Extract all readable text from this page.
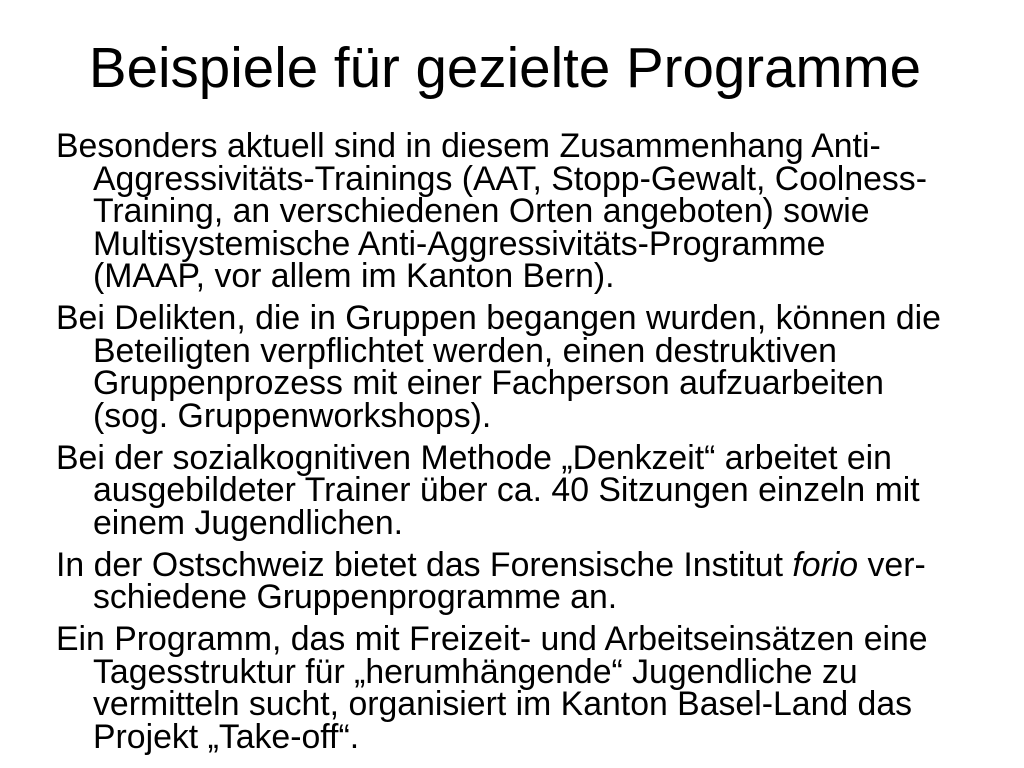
Beispiele für gezielte Programme
Besonders aktuell sind in diesem Zusammenhang Anti-
Aggressivitäts-Trainings (AAT, Stopp-Gewalt, Coolness-
Training, an verschiedenen Orten angeboten) sowie
Multisystemische Anti-Aggressivitäts-Programme
(MAAP, vor allem im Kanton Bern).
Bei Delikten, die in Gruppen begangen wurden, können die
Beteiligten verpflichtet werden, einen destruktiven
Gruppenprozess mit einer Fachperson aufzuarbeiten
(sog. Gruppenworkshops).
Bei der sozialkognitiven Methode „Denkzeit“ arbeitet ein
ausgebildeter Trainer über ca. 40 Sitzungen einzeln mit
einem Jugendlichen.
In der Ostschweiz bietet das Forensische Institut forio ver-
schiedene Gruppenprogramme an.
Ein Programm, das mit Freizeit- und Arbeitseinsätzen eine
Tagesstruktur für „herumhängende“ Jugendliche zu
vermitteln sucht, organisiert im Kanton Basel-Land das
Projekt „Take-off“.
